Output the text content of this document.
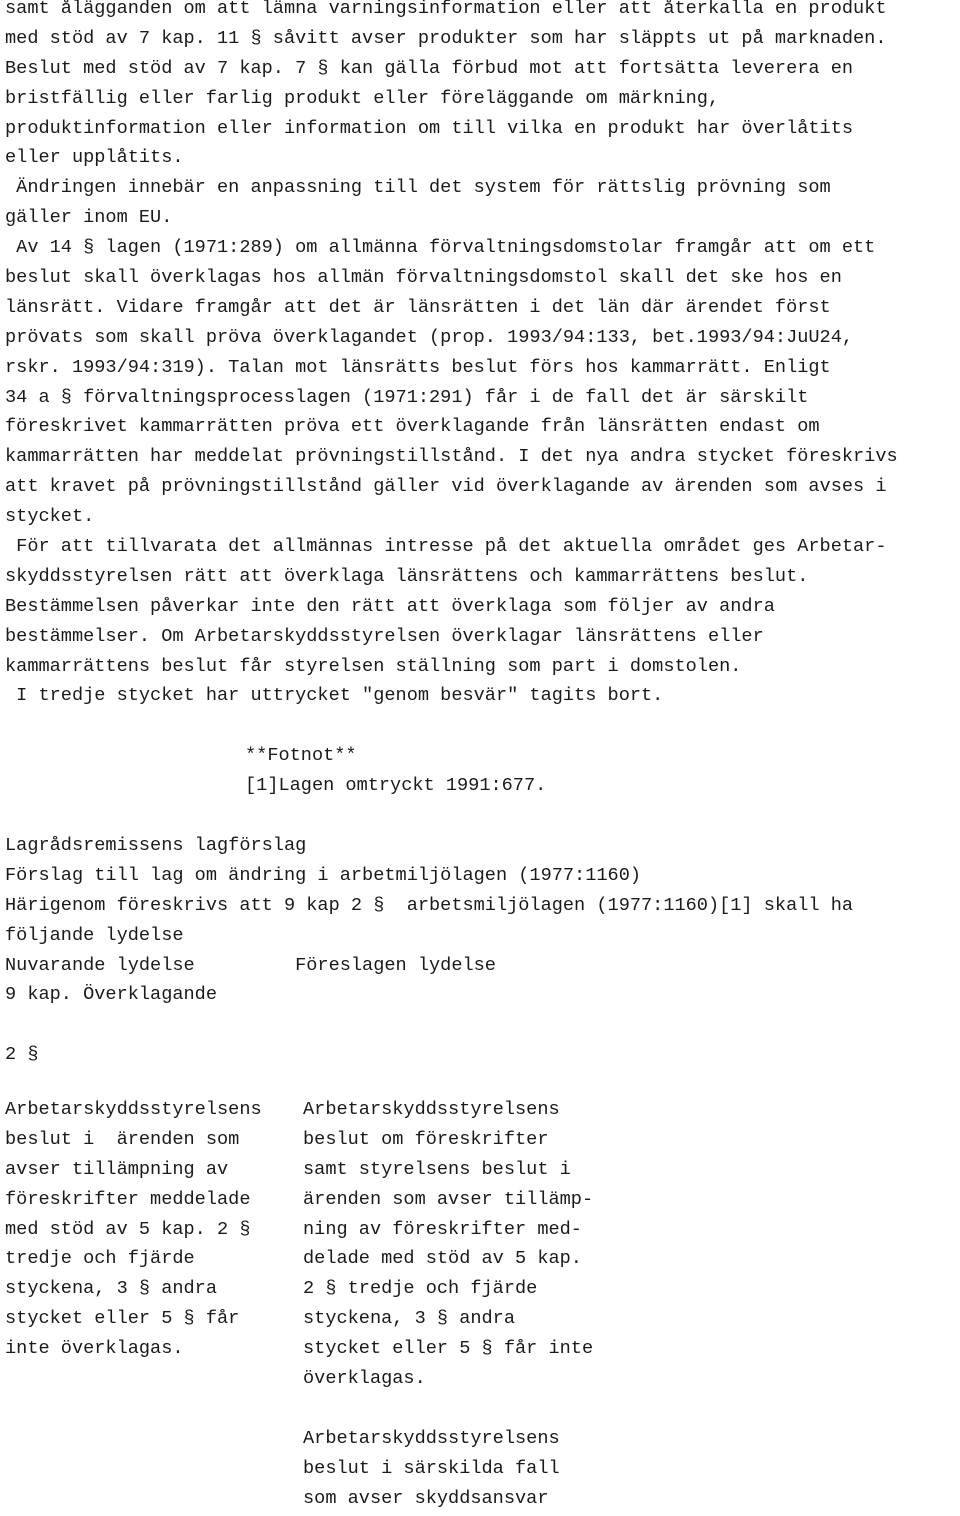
samt ålägganden om att lämna varningsinformation eller att återkalla en produkt
med stöd av 7 kap. 11 § såvitt avser produkter som har släppts ut på marknaden.
Beslut med stöd av 7 kap. 7 § kan gälla förbud mot att fortsätta leverera en
bristfällig eller farlig produkt eller föreläggande om märkning,
produktinformation eller information om till vilka en produkt har överlåtits
eller upplåtits.
Ändringen innebär en anpassning till det system för rättslig prövning som
gäller inom EU.
Av 14 § lagen (1971:289) om allmänna förvaltningsdomstolar framgår att om ett
beslut skall överklagas hos allmän förvaltningsdomstol skall det ske hos en
länsrätt. Vidare framgår att det är länsrätten i det län där ärendet först
prövats som skall pröva överklagandet (prop. 1993/94:133, bet.1993/94:JuU24,
rskr. 1993/94:319). Talan mot länsrätts beslut förs hos kammarrätt. Enligt
34 a § förvaltningsprocesslagen (1971:291) får i de fall det är särskilt
föreskrivet kammarrätten pröva ett överklagande från länsrätten endast om
kammarrätten har meddelat prövningstillstånd. I det nya andra stycket föreskrivs
att kravet på prövningstillstånd gäller vid överklagande av ärenden som avses i
stycket.
För att tillvarata det allmännas intresse på det aktuella området ges Arbetar-
skyddsstyrelsen rätt att överklaga länsrättens och kammarrättens beslut.
Bestämmelsen påverkar inte den rätt att överklaga som följer av andra
bestämmelser. Om Arbetarskyddsstyrelsen överklagar länsrättens eller
kammarrättens beslut får styrelsen ställning som part i domstolen.
I tredje stycket har uttrycket "genom besvär" tagits bort.
**Fotnot**
[1]Lagen omtryckt 1991:677.
Lagrådsremissens lagförslag
Förslag till lag om ändring i arbetmiljölagen (1977:1160)
Härigenom föreskrivs att 9 kap 2 §  arbetsmiljölagen (1977:1160)[1] skall ha
följande lydelse
Nuvarande lydelse         Föreslagen lydelse
9 kap. Överklagande
2 §
Arbetarskyddsstyrelsens
beslut i  ärenden som
avser tillämpning av
föreskrifter meddelade
med stöd av 5 kap. 2 §
tredje och fjärde
styckena, 3 § andra
stycket eller 5 § får
inte överklagas.
Arbetarskyddsstyrelsens
beslut om föreskrifter
samt styrelsens beslut i
ärenden som avser tillämp-
ning av föreskrifter med-
delade med stöd av 5 kap.
2 § tredje och fjärde
styckena, 3 § andra
stycket eller 5 § får inte
överklagas.
Arbetarskyddsstyrelsens
beslut i särskilda fall
som avser skyddsansvar
